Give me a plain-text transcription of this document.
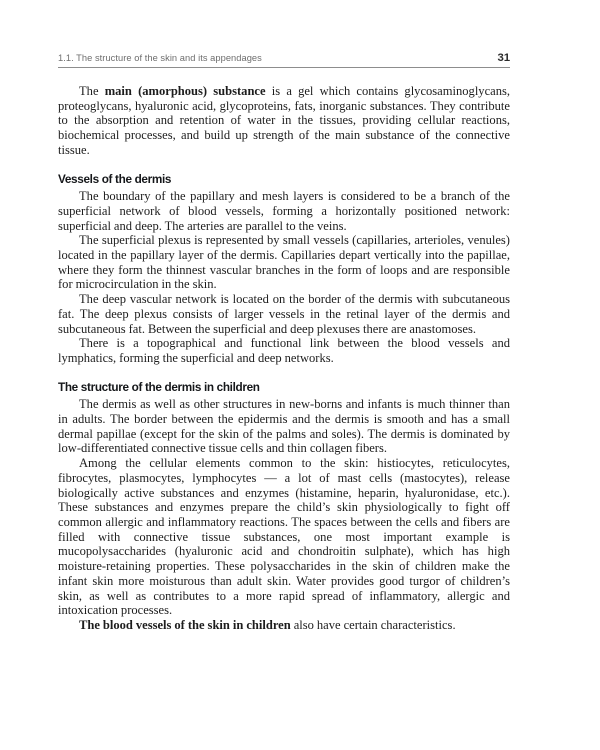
1.1. The structure of the skin and its appendages	31

The main (amorphous) substance is a gel which contains glycosaminoglycans, proteoglycans, hyaluronic acid, glycoproteins, fats, inorganic substances. They contribute to the absorption and retention of water in the tissues, providing cellular reactions, biochemical processes, and build up strength of the main substance of the connective tissue.

Vessels of the dermis

The boundary of the papillary and mesh layers is considered to be a branch of the superficial network of blood vessels, forming a horizontally positioned network: superficial and deep. The arteries are parallel to the veins.

The superficial plexus is represented by small vessels (capillaries, arterioles, venules) located in the papillary layer of the dermis. Capillaries depart vertically into the papillae, where they form the thinnest vascular branches in the form of loops and are responsible for microcirculation in the skin.

The deep vascular network is located on the border of the dermis with subcutaneous fat. The deep plexus consists of larger vessels in the retinal layer of the dermis and subcutaneous fat. Between the superficial and deep plexuses there are anastomoses.

There is a topographical and functional link between the blood vessels and lymphatics, forming the superficial and deep networks.

The structure of the dermis in children

The dermis as well as other structures in new-borns and infants is much thinner than in adults. The border between the epidermis and the dermis is smooth and has a small dermal papillae (except for the skin of the palms and soles). The dermis is dominated by low-differentiated connective tissue cells and thin collagen fibers.

Among the cellular elements common to the skin: histiocytes, reticulocytes, fibrocytes, plasmocytes, lymphocytes — a lot of mast cells (mastocytes), release biologically active substances and enzymes (histamine, heparin, hyaluronidase, etc.). These substances and enzymes prepare the child’s skin physiologically to fight off common allergic and inflammatory reactions. The spaces between the cells and fibers are filled with connective tissue substances, one most important example is mucopolysaccharides (hyaluronic acid and chondroitin sulphate), which has high moisture-retaining properties. These polysaccharides in the skin of children make the infant skin more moisturous than adult skin. Water provides good turgor of children’s skin, as well as contributes to a more rapid spread of inflammatory, allergic and intoxication processes.

The blood vessels of the skin in children also have certain characteristics.
